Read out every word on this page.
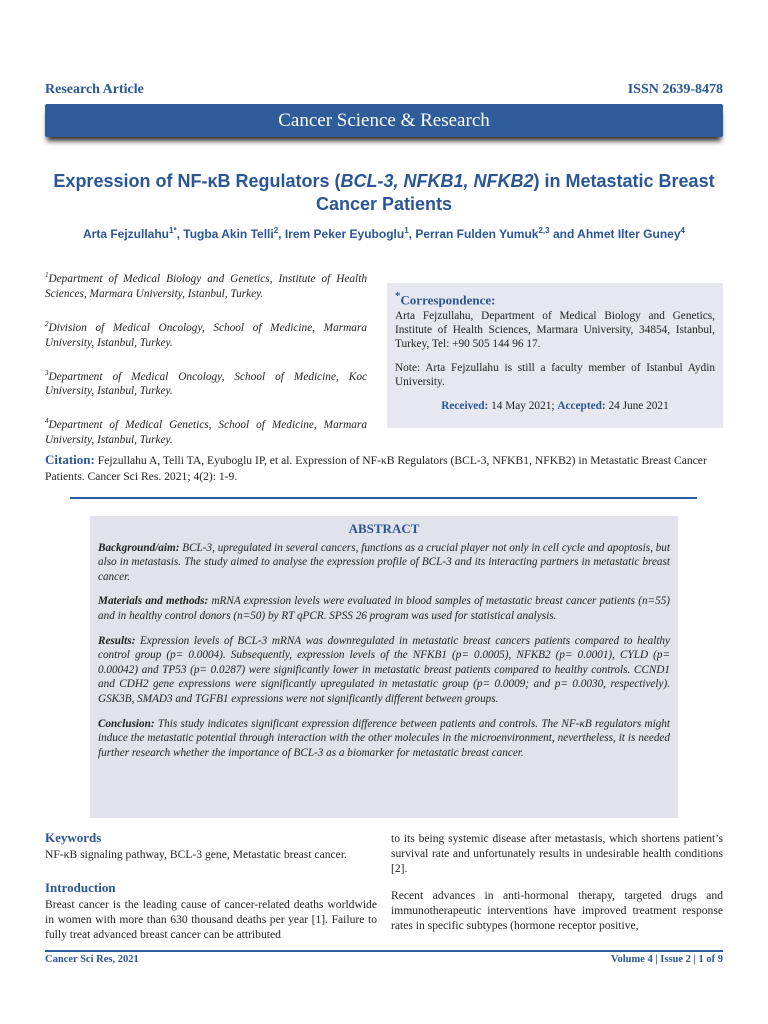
Research Article	ISSN 2639-8478
Cancer Science & Research
Expression of NF-κB Regulators (BCL-3, NFKB1, NFKB2) in Metastatic Breast
Cancer Patients
Arta Fejzullahu$^{1*}$, Tugba Akin Telli$^2$, Irem Peker Eyuboglu$^1$, Perran Fulden Yumuk$^{2,3}$ and Ahmet Ilter Guney$^4$

$^1$Department of Medical Biology and Genetics, Institute of Health Sciences, Marmara University, Istanbul, Turkey.

$^2$Division of Medical Oncology, School of Medicine, Marmara University, Istanbul, Turkey.

$^3$Department of Medical Oncology, School of Medicine, Koc University, Istanbul, Turkey.

$^4$Department of Medical Genetics, School of Medicine, Marmara University, Istanbul, Turkey.

*Correspondence:

Arta Fejzullahu, Department of Medical Biology and Genetics, Institute of Health Sciences, Marmara University, 34854, Istanbul, Turkey, Tel: +90 505 144 96 17.

Note: Arta Fejzullahu is still a faculty member of Istanbul Aydin University.

Received: 14 May 2021; Accepted: 24 June 2021
Citation: Fejzullahu A, Telli TA, Eyuboglu IP, et al. Expression of NF-κB Regulators (BCL-3, NFKB1, NFKB2) in Metastatic Breast Cancer Patients. Cancer Sci Res. 2021; 4(2): 1-9.
ABSTRACT

Background/aim: BCL-3, upregulated in several cancers, functions as a crucial player not only in cell cycle and apoptosis, but also in metastasis. The study aimed to analyse the expression profile of BCL-3 and its interacting partners in metastatic breast cancer.

Materials and methods: mRNA expression levels were evaluated in blood samples of metastatic breast cancer patients (n=55) and in healthy control donors (n=50) by RT qPCR. SPSS 26 program was used for statistical analysis.

Results: Expression levels of BCL-3 mRNA was downregulated in metastatic breast cancers patients compared to healthy control group (p= 0.0004). Subsequently, expression levels of the NFKB1 (p= 0.0005), NFKB2 (p= 0.0001), CYLD (p= 0.00042) and TP53 (p= 0.0287) were significantly lower in metastatic breast patients compared to healthy controls. CCND1 and CDH2 gene expressions were significantly upregulated in metastatic group (p= 0.0009; and p= 0.0030, respectively). GSK3B, SMAD3 and TGFB1 expressions were not significantly different between groups.

Conclusion: This study indicates significant expression difference between patients and controls. The NF-κB regulators might induce the metastatic potential through interaction with the other molecules in the microenvironment, nevertheless, it is needed further research whether the importance of BCL-3 as a biomarker for metastatic breast cancer.

Keywords
NF-κB signaling pathway, BCL-3 gene, Metastatic breast cancer.
Introduction
Breast cancer is the leading cause of cancer-related deaths worldwide in women with more than 630 thousand deaths per year [1]. Failure to fully treat advanced breast cancer can be attributed

to its being systemic disease after metastasis, which shortens patient’s survival rate and unfortunately results in undesirable health conditions [2].

Recent advances in anti-hormonal therapy, targeted drugs and immunotherapeutic interventions have improved treatment response rates in specific subtypes (hormone receptor positive,

Cancer Sci Res, 2021	Volume 4 | Issue 2 | 1 of 9
